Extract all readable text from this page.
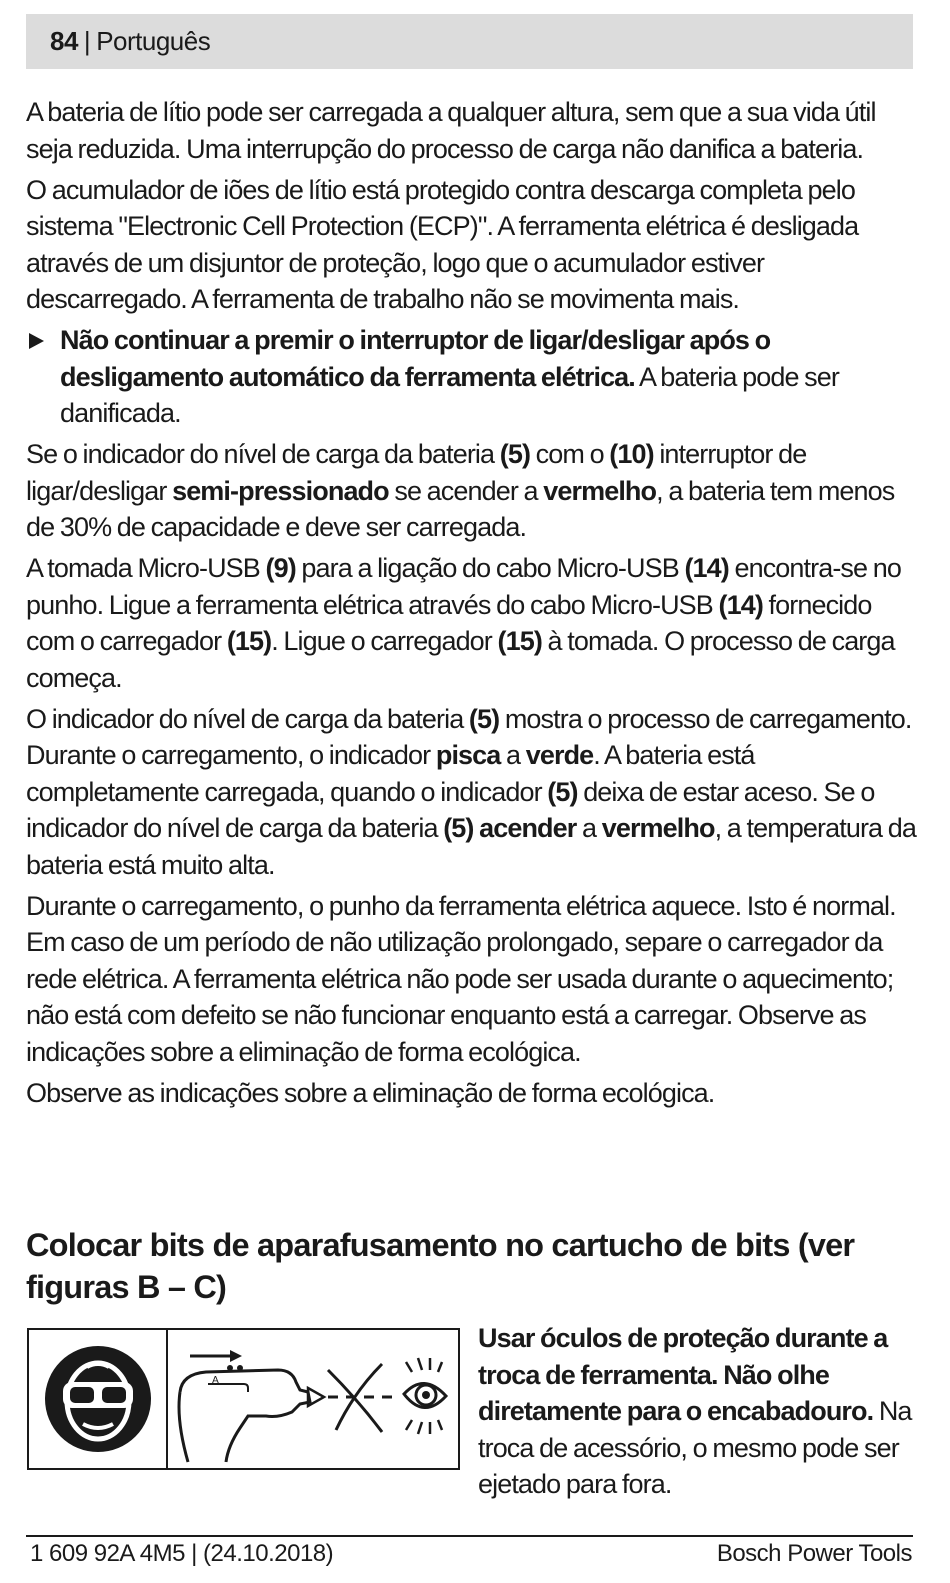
84 | Português

A bateria de lítio pode ser carregada a qualquer altura, sem que a sua vida útil seja reduzida. Uma interrupção do processo de carga não danifica a bateria.

O acumulador de iões de lítio está protegido contra descarga completa pelo sistema "Electronic Cell Protection (ECP)". A ferramenta elétrica é desligada através de um disjuntor de proteção, logo que o acumulador estiver descarregado. A ferramenta de trabalho não se movimenta mais.

Não continuar a premir o interruptor de ligar/desligar após o desligamento automático da ferramenta elétrica. A bateria pode ser danificada.

Se o indicador do nível de carga da bateria (5) com o (10) interruptor de ligar/desligar semi-pressionado se acender a vermelho, a bateria tem menos de 30% de capacidade e deve ser carregada.

A tomada Micro-USB (9) para a ligação do cabo Micro-USB (14) encontra-se no punho. Ligue a ferramenta elétrica através do cabo Micro-USB (14) fornecido com o carregador (15). Ligue o carregador (15) à tomada. O processo de carga começa.

O indicador do nível de carga da bateria (5) mostra o processo de carregamento. Durante o carregamento, o indicador pisca a verde. A bateria está completamente carregada, quando o indicador (5) deixa de estar aceso. Se o indicador do nível de carga da bateria (5) acender a vermelho, a temperatura da bateria está muito alta.

Durante o carregamento, o punho da ferramenta elétrica aquece. Isto é normal. Em caso de um período de não utilização prolongado, separe o carregador da rede elétrica. A ferramenta elétrica não pode ser usada durante o aquecimento; não está com defeito se não funcionar enquanto está a carregar. Observe as indicações sobre a eliminação de forma ecológica.

Observe as indicações sobre a eliminação de forma ecológica.

Colocar bits de aparafusamento no cartucho de bits (ver figuras B – C)
A
Usar óculos de proteção durante a troca de ferramenta. Não olhe diretamente para o encabadouro. Na troca de acessório, o mesmo pode ser ejetado para fora.
1 609 92A 4M5 | (24.10.2018)	Bosch Power Tools
